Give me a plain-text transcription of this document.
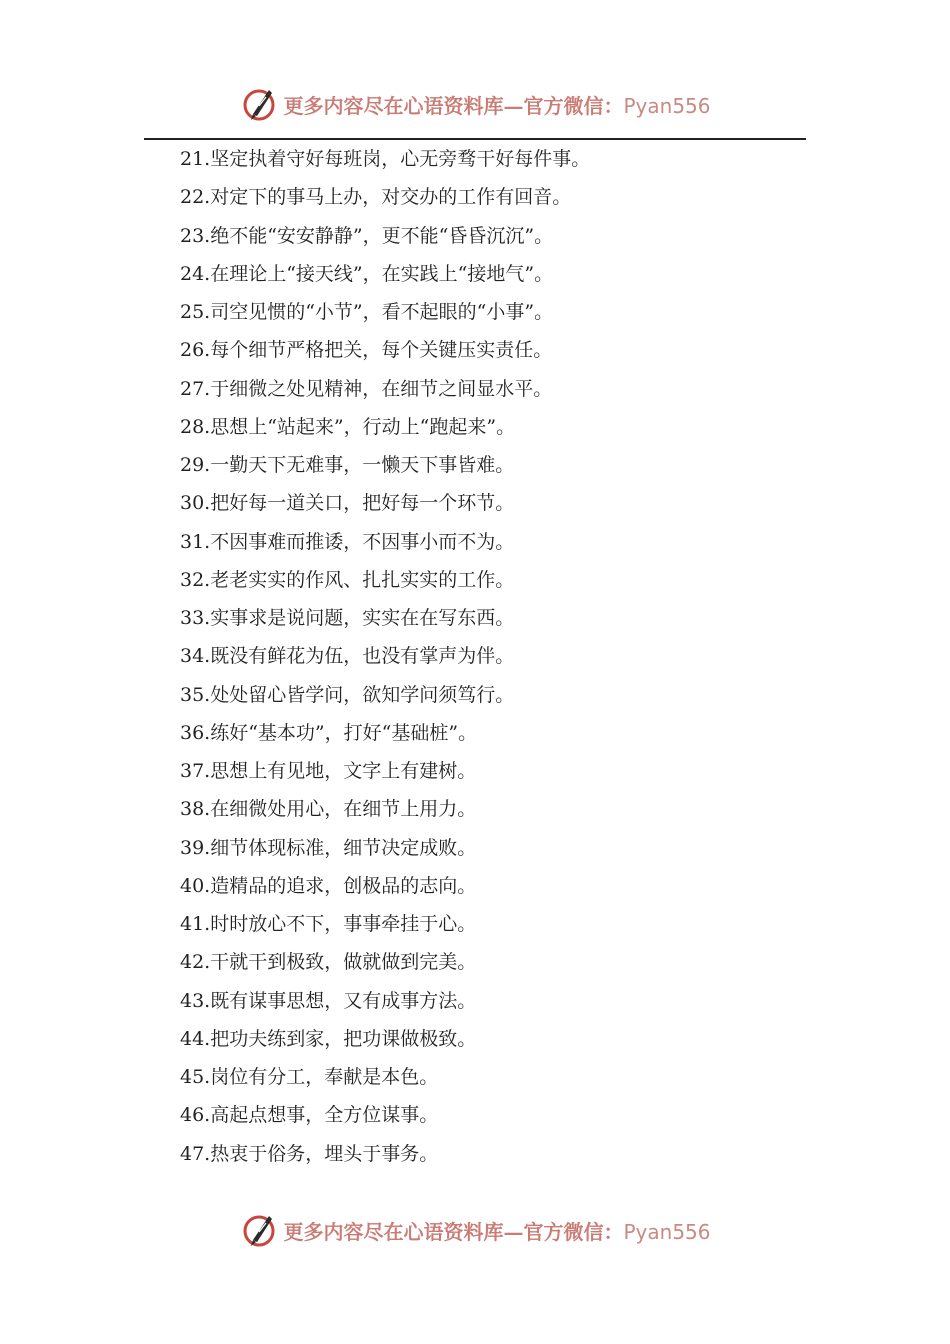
更多内容尽在心语资料库—官方微信：Pyan556
21.坚定执着守好每班岗，心无旁骛干好每件事。
22.对定下的事马上办，对交办的工作有回音。
23.绝不能“安安静静”，更不能“昏昏沉沉”。
24.在理论上“接天线”，在实践上“接地气”。
25.司空见惯的“小节”，看不起眼的“小事”。
26.每个细节严格把关，每个关键压实责任。
27.于细微之处见精神，在细节之间显水平。
28.思想上“站起来”，行动上“跑起来”。
29.一勤天下无难事，一懒天下事皆难。
30.把好每一道关口，把好每一个环节。
31.不因事难而推诿，不因事小而不为。
32.老老实实的作风、扎扎实实的工作。
33.实事求是说问题，实实在在写东西。
34.既没有鲜花为伍，也没有掌声为伴。
35.处处留心皆学问，欲知学问须笃行。
36.练好“基本功”，打好“基础桩”。
37.思想上有见地，文字上有建树。
38.在细微处用心，在细节上用力。
39.细节体现标准，细节决定成败。
40.造精品的追求，创极品的志向。
41.时时放心不下，事事牵挂于心。
42.干就干到极致，做就做到完美。
43.既有谋事思想，又有成事方法。
44.把功夫练到家，把功课做极致。
45.岗位有分工，奉献是本色。
46.高起点想事，全方位谋事。
47.热衷于俗务，埋头于事务。
更多内容尽在心语资料库—官方微信：Pyan556
